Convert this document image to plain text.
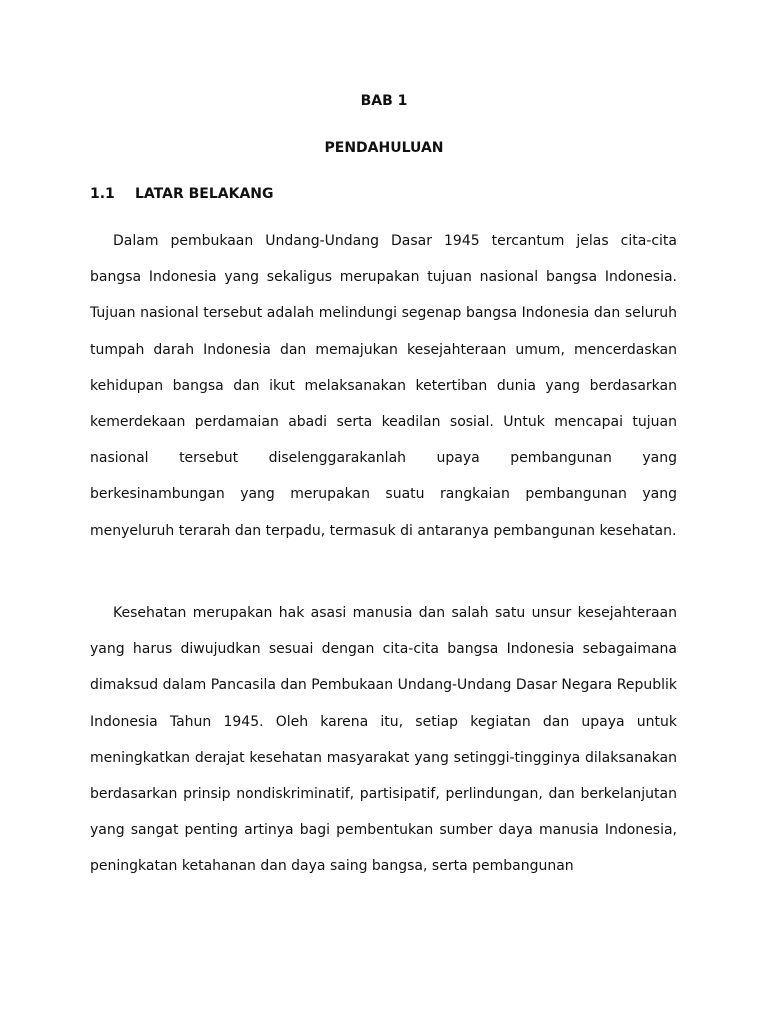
BAB 1
PENDAHULUAN
1.1 LATAR BELAKANG

Dalam pembukaan Undang-Undang Dasar 1945 tercantum jelas cita-cita bangsa Indonesia yang sekaligus merupakan tujuan nasional bangsa Indonesia. Tujuan nasional tersebut adalah melindungi segenap bangsa Indonesia dan seluruh tumpah darah Indonesia dan memajukan kesejahteraan umum, mencerdaskan kehidupan bangsa dan ikut melaksanakan ketertiban dunia yang berdasarkan kemerdekaan perdamaian abadi serta keadilan sosial. Untuk mencapai tujuan nasional tersebut diselenggarakanlah upaya pembangunan yang berkesinambungan yang merupakan suatu rangkaian pembangunan yang menyeluruh terarah dan terpadu, termasuk di antaranya pembangunan kesehatan.

Kesehatan merupakan hak asasi manusia dan salah satu unsur kesejahteraan yang harus diwujudkan sesuai dengan cita-cita bangsa Indonesia sebagaimana dimaksud dalam Pancasila dan Pembukaan Undang-Undang Dasar Negara Republik Indonesia Tahun 1945. Oleh karena itu, setiap kegiatan dan upaya untuk meningkatkan derajat kesehatan masyarakat yang setinggi-tingginya dilaksanakan berdasarkan prinsip nondiskriminatif, partisipatif, perlindungan, dan berkelanjutan yang sangat penting artinya bagi pembentukan sumber daya manusia Indonesia, peningkatan ketahanan dan daya saing bangsa, serta pembangunan
